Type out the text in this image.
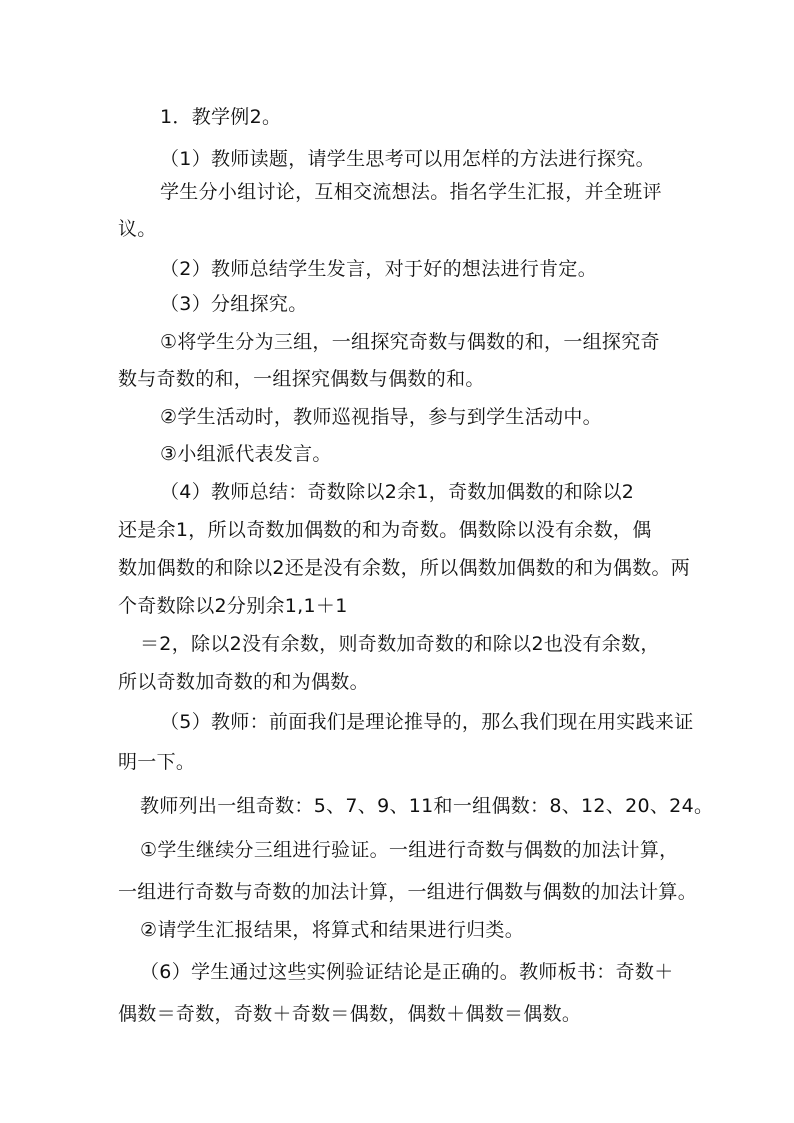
1．教学例2。
（1）教师读题，请学生思考可以用怎样的方法进行探究。
学生分小组讨论，互相交流想法。指名学生汇报，并全班评
议。
（2）教师总结学生发言，对于好的想法进行肯定。
（3）分组探究。
①将学生分为三组，一组探究奇数与偶数的和，一组探究奇
数与奇数的和，一组探究偶数与偶数的和。
②学生活动时，教师巡视指导，参与到学生活动中。
③小组派代表发言。
（4）教师总结：奇数除以2余1，奇数加偶数的和除以2
还是余1，所以奇数加偶数的和为奇数。偶数除以没有余数，偶
数加偶数的和除以2还是没有余数，所以偶数加偶数的和为偶数。两
个奇数除以2分别余1,1＋1
＝2，除以2没有余数，则奇数加奇数的和除以2也没有余数，
所以奇数加奇数的和为偶数。
（5）教师：前面我们是理论推导的，那么我们现在用实践来证
明一下。
教师列出一组奇数：5、7、9、11和一组偶数：8、12、20、24。
①学生继续分三组进行验证。一组进行奇数与偶数的加法计算，
一组进行奇数与奇数的加法计算，一组进行偶数与偶数的加法计算。
②请学生汇报结果，将算式和结果进行归类。
（6）学生通过这些实例验证结论是正确的。教师板书：奇数＋
偶数＝奇数，奇数＋奇数＝偶数，偶数＋偶数＝偶数。
